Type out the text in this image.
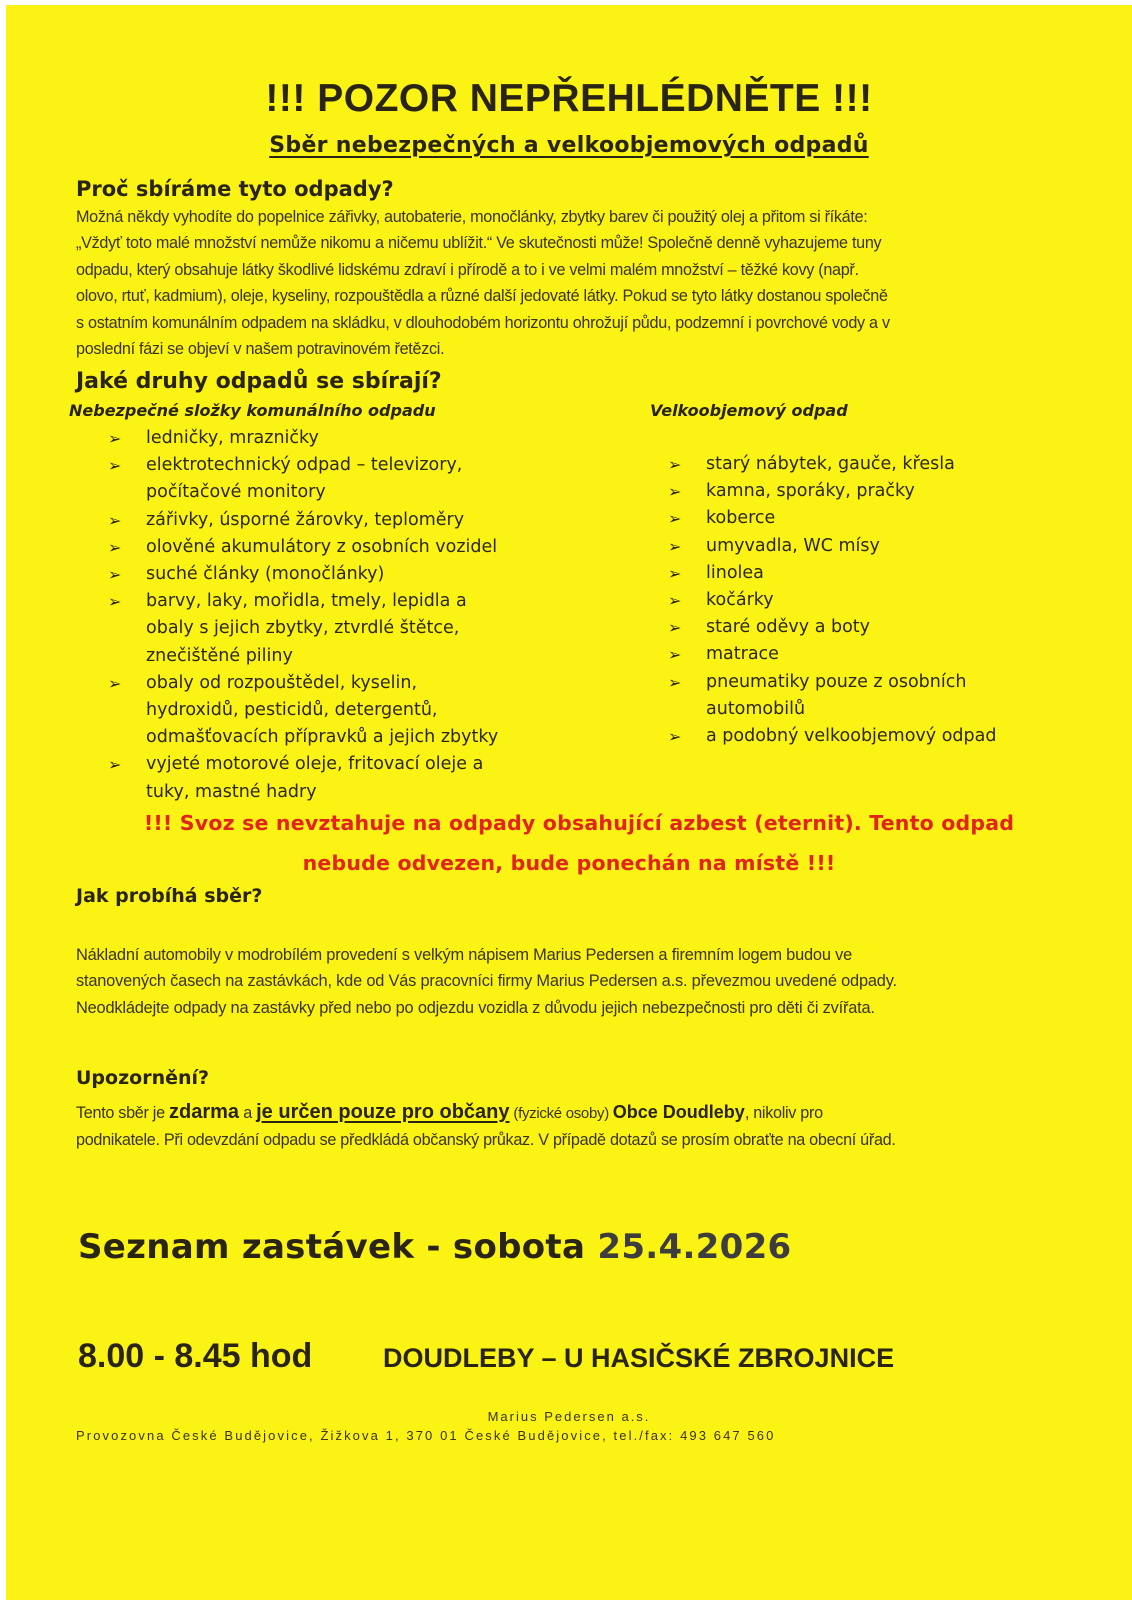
!!! POZOR NEPŘEHLÉDNĚTE !!!
Sběr nebezpečných a velkoobjemových odpadů
Proč sbíráme tyto odpady?

Možná někdy vyhodíte do popelnice zářivky, autobaterie, monočlánky, zbytky barev či použitý olej a přitom si říkáte:

„Vždyť toto malé množství nemůže nikomu a ničemu ublížit.“ Ve skutečnosti může! Společně denně vyhazujeme tuny

odpadu, který obsahuje látky škodlivé lidskému zdraví i přírodě a to i ve velmi malém množství – těžké kovy (např.

olovo, rtuť, kadmium), oleje, kyseliny, rozpouštědla a různé další jedovaté látky. Pokud se tyto látky dostanou společně

s ostatním komunálním odpadem na skládku, v dlouhodobém horizontu ohrožují půdu, podzemní i povrchové vody a v

poslední fázi se objeví v našem potravinovém řetězci.

Jaké druhy odpadů se sbírají?
Nebezpečné složky komunálního odpadu	Velkoobjemový odpad
➢ ledničky, mrazničky
➢ elektrotechnický odpad – televizory,
počítačové monitory
➢ zářivky, úsporné žárovky, teploměry
➢ olověné akumulátory z osobních vozidel
➢ suché články (monočlánky)
➢ barvy, laky, mořidla, tmely, lepidla a
obaly s jejich zbytky, ztvrdlé štětce,
znečištěné piliny
➢ obaly od rozpouštědel, kyselin,
hydroxidů, pesticidů, detergentů,
odmašťovacích přípravků a jejich zbytky
➢ vyjeté motorové oleje, fritovací oleje a
tuky, mastné hadry
➢ starý nábytek, gauče, křesla
➢ kamna, sporáky, pračky
➢ koberce
➢ umyvadla, WC mísy
➢ linolea
➢ kočárky
➢ staré oděvy a boty
➢ matrace
➢ pneumatiky pouze z osobních
automobilů
➢ a podobný velkoobjemový odpad
!!! Svoz se nevztahuje na odpady obsahující azbest (eternit). Tento odpad
nebude odvezen, bude ponechán na místě !!!
Jak probíhá sběr?

Nákladní automobily v modrobílém provedení s velkým nápisem Marius Pedersen a firemním logem budou ve

stanovených časech na zastávkách, kde od Vás pracovníci firmy Marius Pedersen a.s. převezmou uvedené odpady.

Neodkládejte odpady na zastávky před nebo po odjezdu vozidla z důvodu jejich nebezpečnosti pro děti či zvířata.

Upozornění?

Tento sběr je zdarma a je určen pouze pro občany (fyzické osoby) Obce Doudleby, nikoliv pro

podnikatele. Při odevzdání odpadu se předkládá občanský průkaz. V případě dotazů se prosím obraťte na obecní úřad.

Seznam zastávek - sobota 25.4.2026
8.00 - 8.45 hod	DOUDLEBY – U HASIČSKÉ ZBROJNICE
Marius Pedersen a.s.
Provozovna České Budějovice, Žižkova 1, 370 01 České Budějovice, tel./fax: 493 647 560
